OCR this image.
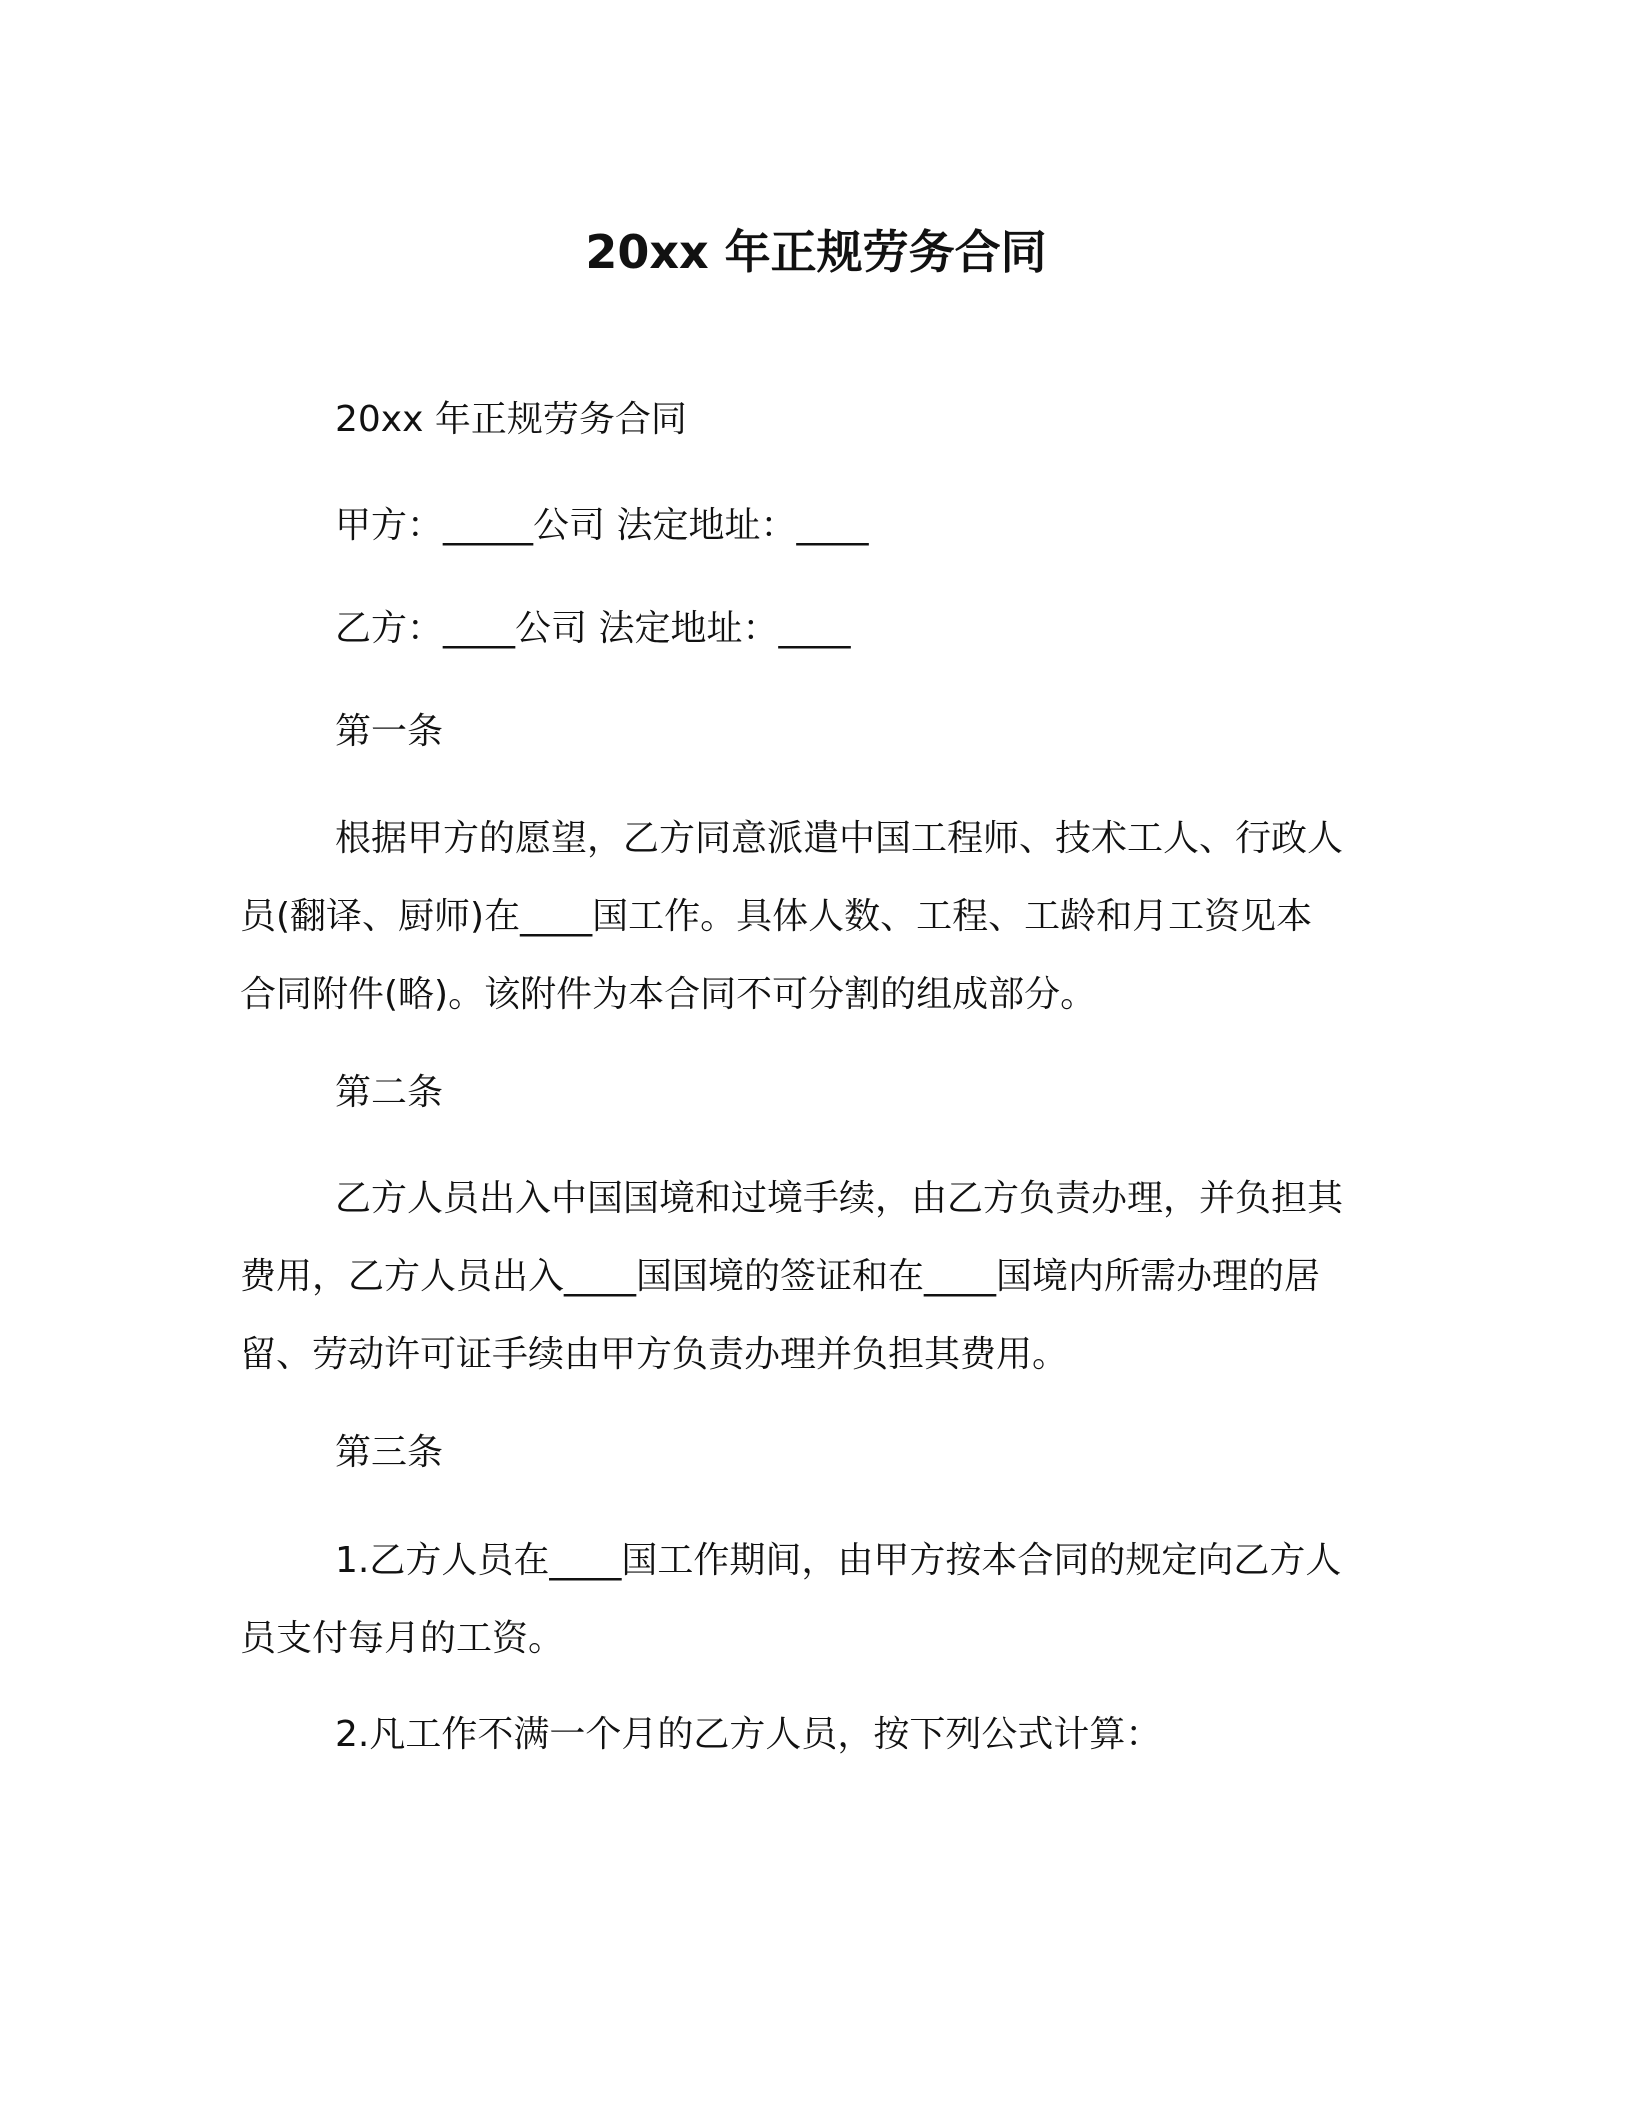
20xx 年正规劳务合同
20xx 年正规劳务合同
甲方：_____公司 法定地址：____
乙方：____公司 法定地址：____
第一条
根据甲方的愿望，乙方同意派遣中国工程师、技术工人、行政人
员(翻译、厨师)在____国工作。具体人数、工程、工龄和月工资见本
合同附件(略)。该附件为本合同不可分割的组成部分。
第二条
乙方人员出入中国国境和过境手续，由乙方负责办理，并负担其
费用，乙方人员出入____国国境的签证和在____国境内所需办理的居
留、劳动许可证手续由甲方负责办理并负担其费用。
第三条
1.乙方人员在____国工作期间，由甲方按本合同的规定向乙方人
员支付每月的工资。
2.凡工作不满一个月的乙方人员，按下列公式计算：
